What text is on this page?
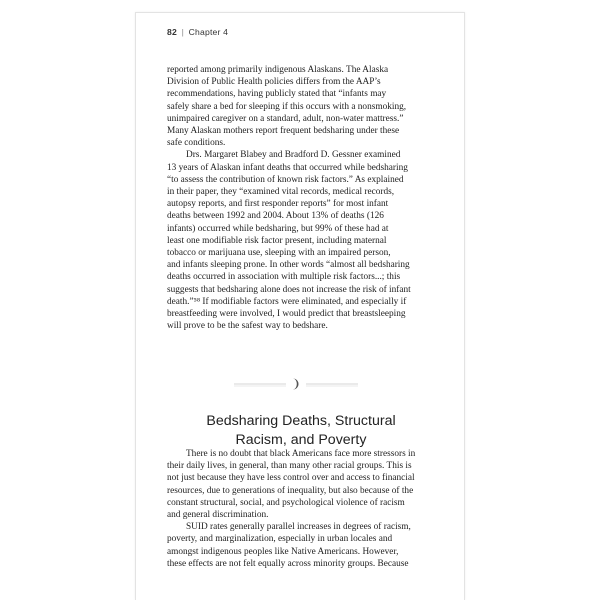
82 | Chapter 4
reported among primarily indigenous Alaskans. The Alaska
Division of Public Health policies differs from the AAP’s
recommendations, having publicly stated that “infants may
safely share a bed for sleeping if this occurs with a nonsmoking,
unimpaired caregiver on a standard, adult, non-water mattress.”
Many Alaskan mothers report frequent bedsharing under these
safe conditions.
Drs. Margaret Blabey and Bradford D. Gessner examined
13 years of Alaskan infant deaths that occurred while bedsharing
“to assess the contribution of known risk factors.” As explained
in their paper, they “examined vital records, medical records,
autopsy reports, and first responder reports” for most infant
deaths between 1992 and 2004. About 13% of deaths (126
infants) occurred while bedsharing, but 99% of these had at
least one modifiable risk factor present, including maternal
tobacco or marijuana use, sleeping with an impaired person,
and infants sleeping prone. In other words “almost all bedsharing
deaths occurred in association with multiple risk factors...; this
suggests that bedsharing alone does not increase the risk of infant
death.”⁵⁸ If modifiable factors were eliminated, and especially if
breastfeeding were involved, I would predict that breastsleeping
will prove to be the safest way to bedshare.
Bedsharing Deaths, Structural
Racism, and Poverty
There is no doubt that black Americans face more stressors in
their daily lives, in general, than many other racial groups. This is
not just because they have less control over and access to financial
resources, due to generations of inequality, but also because of the
constant structural, social, and psychological violence of racism
and general discrimination.
SUID rates generally parallel increases in degrees of racism,
poverty, and marginalization, especially in urban locales and
amongst indigenous peoples like Native Americans. However,
these effects are not felt equally across minority groups. Because
